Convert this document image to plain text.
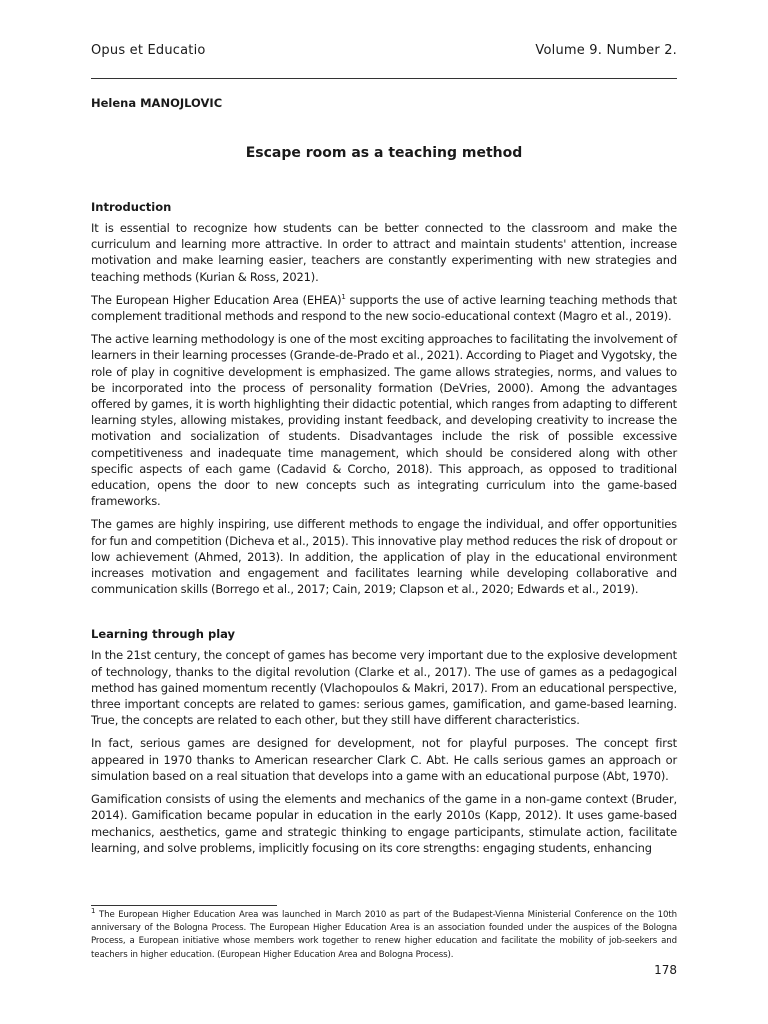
Opus et Educatio	Volume 9. Number 2.
Helena MANOJLOVIC
Escape room as a teaching method
Introduction

It is essential to recognize how students can be better connected to the classroom and make the curriculum and learning more attractive. In order to attract and maintain students' attention, increase motivation and make learning easier, teachers are constantly experimenting with new strategies and teaching methods (Kurian & Ross, 2021).

The European Higher Education Area (EHEA)$^1$ supports the use of active learning teaching methods that complement traditional methods and respond to the new socio-educational context (Magro et al., 2019).

The active learning methodology is one of the most exciting approaches to facilitating the involvement of learners in their learning processes (Grande-de-Prado et al., 2021). According to Piaget and Vygotsky, the role of play in cognitive development is emphasized. The game allows strategies, norms, and values to be incorporated into the process of personality formation (DeVries, 2000). Among the advantages offered by games, it is worth highlighting their didactic potential, which ranges from adapting to different learning styles, allowing mistakes, providing instant feedback, and developing creativity to increase the motivation and socialization of students. Disadvantages include the risk of possible excessive competitiveness and inadequate time management, which should be considered along with other specific aspects of each game (Cadavid & Corcho, 2018). This approach, as opposed to traditional education, opens the door to new concepts such as integrating curriculum into the game-based frameworks.

The games are highly inspiring, use different methods to engage the individual, and offer opportunities for fun and competition (Dicheva et al., 2015). This innovative play method reduces the risk of dropout or low achievement (Ahmed, 2013). In addition, the application of play in the educational environment increases motivation and engagement and facilitates learning while developing collaborative and communication skills (Borrego et al., 2017; Cain, 2019; Clapson et al., 2020; Edwards et al., 2019).

Learning through play

In the 21st century, the concept of games has become very important due to the explosive development of technology, thanks to the digital revolution (Clarke et al., 2017). The use of games as a pedagogical method has gained momentum recently (Vlachopoulos & Makri, 2017). From an educational perspective, three important concepts are related to games: serious games, gamification, and game-based learning. True, the concepts are related to each other, but they still have different characteristics.

In fact, serious games are designed for development, not for playful purposes. The concept first appeared in 1970 thanks to American researcher Clark C. Abt. He calls serious games an approach or simulation based on a real situation that develops into a game with an educational purpose (Abt, 1970).

Gamification consists of using the elements and mechanics of the game in a non-game context (Bruder, 2014). Gamification became popular in education in the early 2010s (Kapp, 2012). It uses game-based mechanics, aesthetics, game and strategic thinking to engage participants, stimulate action, facilitate learning, and solve problems, implicitly focusing on its core strengths: engaging students, enhancing

$^1$ The European Higher Education Area was launched in March 2010 as part of the Budapest-Vienna Ministerial Conference on the 10th anniversary of the Bologna Process. The European Higher Education Area is an association founded under the auspices of the Bologna Process, a European initiative whose members work together to renew higher education and facilitate the mobility of job-seekers and teachers in higher education. (European Higher Education Area and Bologna Process).
178
